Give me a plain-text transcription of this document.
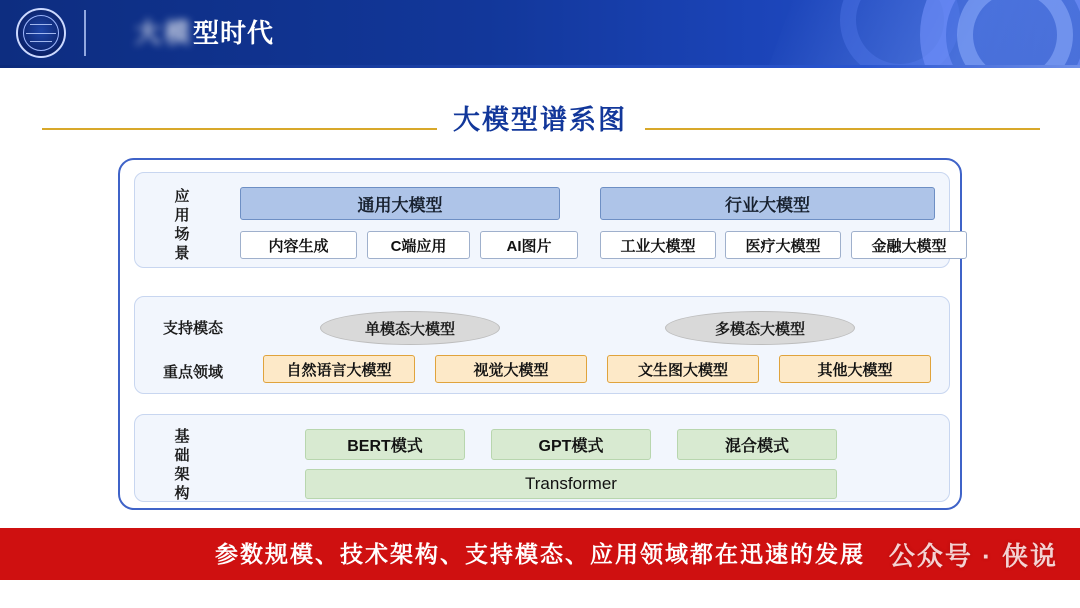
大模型时代
大模型谱系图
应
用
场
景
通用大模型	行业大模型
内容生成	C端应用	AI图片	工业大模型	医疗大模型	金融大模型
支持模态
重点领域
单模态大模型	多模态大模型
自然语言大模型	视觉大模型	文生图大模型	其他大模型
基
础
架
构
BERT模式	GPT模式	混合模式
Transformer
参数规模、技术架构、支持模态、应用领域都在迅速的发展 公众号 · 侠说
